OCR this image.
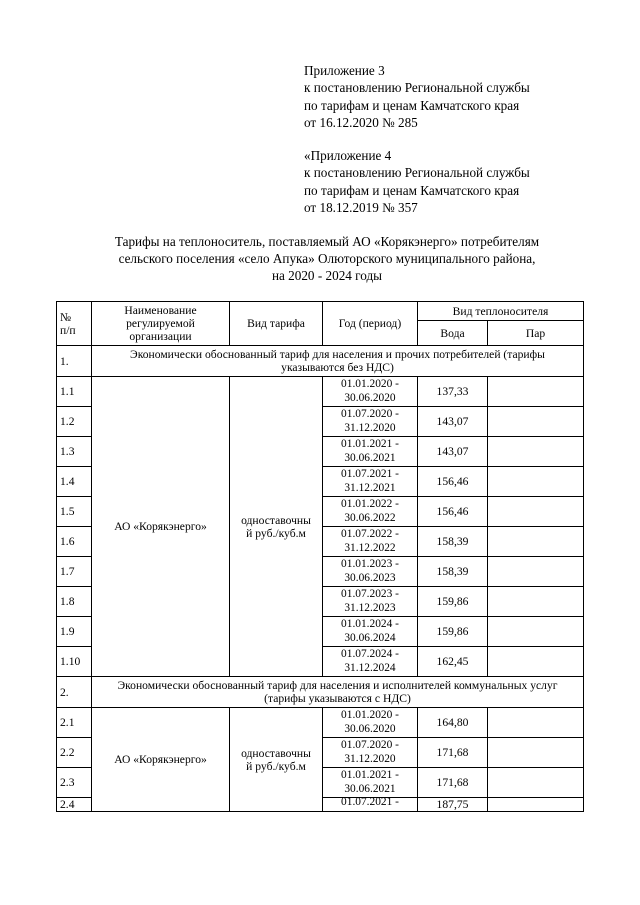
Приложение 3
к постановлению Региональной службы
по тарифам и ценам Камчатского края
от 16.12.2020 № 285
«Приложение 4
к постановлению Региональной службы
по тарифам и ценам Камчатского края
от 18.12.2019 № 357
Тарифы на теплоноситель, поставляемый АО «Корякэнерго» потребителям
сельского поселения «село Апука» Олюторского муниципального района,
на 2020 - 2024 годы
№
п/п	Наименование
регулируемой
организации	Вид тарифа	Год (период)	Вид теплоносителя	
				Вода	Пар
1.	Экономически обоснованный тариф для населения и прочих потребителей (тарифы указываются без НДС)				
1.1	АО «Корякэнерго»	одноставочны
й руб./куб.м	01.01.2020 -
30.06.2020	137,33	
1.2			01.07.2020 -
31.12.2020	143,07	
1.3			01.01.2021 -
30.06.2021	143,07	
1.4			01.07.2021 -
31.12.2021	156,46	
1.5			01.01.2022 -
30.06.2022	156,46	
1.6			01.07.2022 -
31.12.2022	158,39	
1.7			01.01.2023 -
30.06.2023	158,39	
1.8			01.07.2023 -
31.12.2023	159,86	
1.9			01.01.2024 -
30.06.2024	159,86	
1.10			01.07.2024 -
31.12.2024	162,45	
2.	Экономически обоснованный тариф для населения и исполнителей коммунальных услуг (тарифы указываются с НДС)				
2.1	АО «Корякэнерго»	одноставочны
й руб./куб.м	01.01.2020 -
30.06.2020	164,80	
2.2			01.07.2020 -
31.12.2020	171,68	
2.3			01.01.2021 -
30.06.2021	171,68	
2.4			01.07.2021 -	187,75	
